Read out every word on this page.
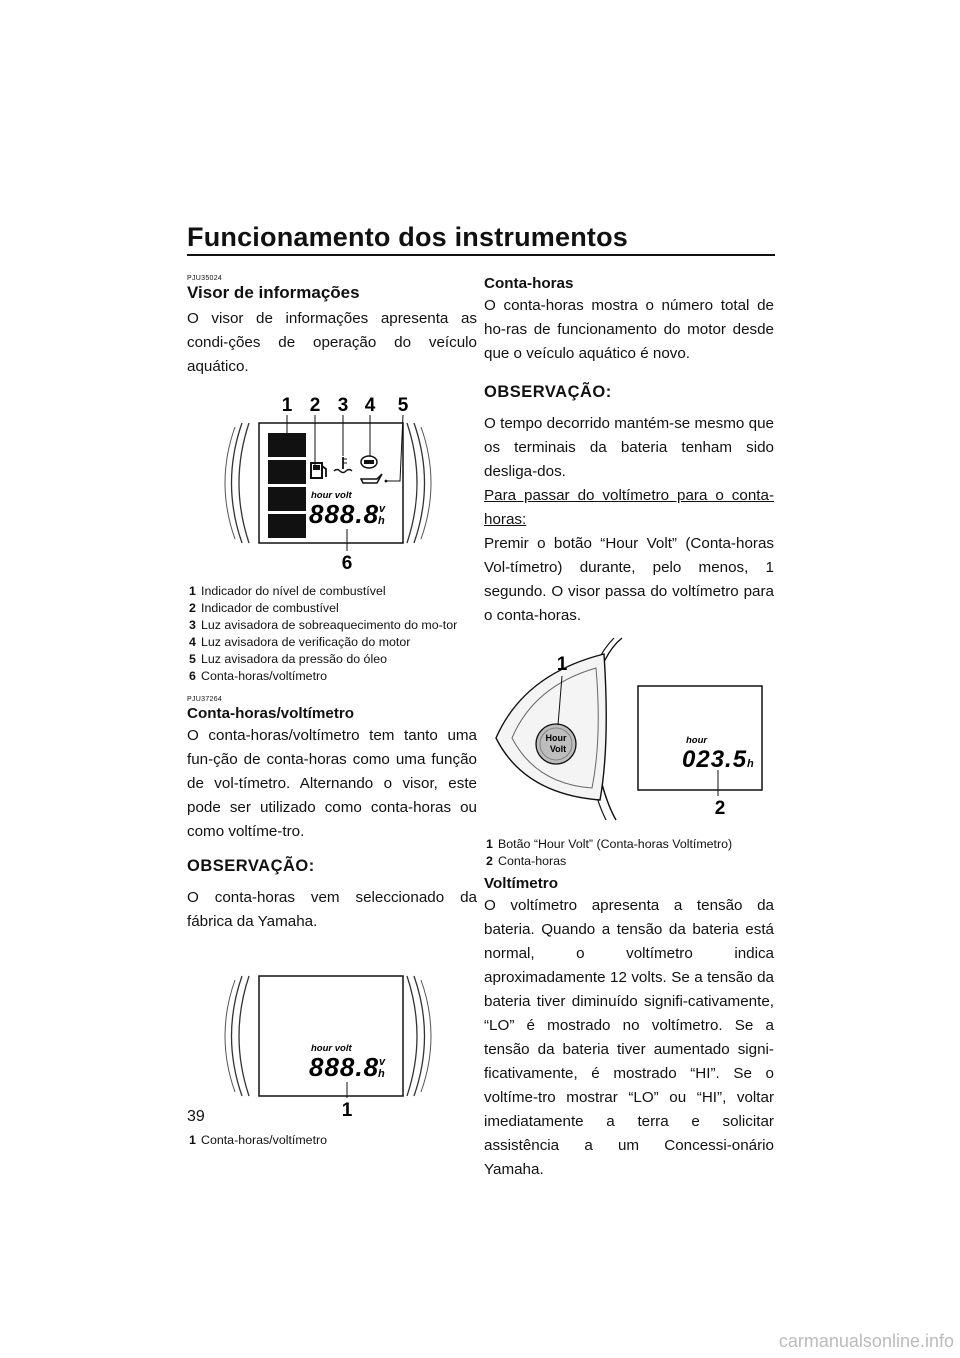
Funcionamento dos instrumentos
PJU35024
Visor de informações

O visor de informações apresenta as condi-ções de operação do veículo aquático.

1 2 3 4 5
6
hour volt
888.8 v
h
1 Indicador do nível de combustível
2 Indicador de combustível
3 Luz avisadora de sobreaquecimento do mo-tor
4 Luz avisadora de verificação do motor
5 Luz avisadora da pressão do óleo
6 Conta-horas/voltímetro
PJU37264
Conta-horas/voltímetro

O conta-horas/voltímetro tem tanto uma fun-ção de conta-horas como uma função de vol-tímetro. Alternando o visor, este pode ser utilizado como conta-horas ou como voltíme-tro.

OBSERVAÇÃO:

O conta-horas vem seleccionado da fábrica da Yamaha.

hour volt
888.8 v
h
1
1 Conta-horas/voltímetro
Conta-horas

O conta-horas mostra o número total de ho-ras de funcionamento do motor desde que o veículo aquático é novo.

OBSERVAÇÃO:

O tempo decorrido mantém-se mesmo que os terminais da bateria tenham sido desliga-dos.

Para passar do voltímetro para o conta-horas:

Premir o botão “Hour Volt” (Conta-horas Vol-tímetro) durante, pelo menos, 1 segundo. O visor passa do voltímetro para o conta-horas.

Hour
Volt
1
hour
023.5 h
2
1 Botão “Hour Volt” (Conta-horas Voltímetro)
2 Conta-horas
Voltímetro

O voltímetro apresenta a tensão da bateria. Quando a tensão da bateria está normal, o voltímetro indica aproximadamente 12 volts. Se a tensão da bateria tiver diminuído signifi-cativamente, “LO” é mostrado no voltímetro. Se a tensão da bateria tiver aumentado signi-ficativamente, é mostrado “HI”. Se o voltíme-tro mostrar “LO” ou “HI”, voltar imediatamente a terra e solicitar assistência a um Concessi-onário Yamaha.

39
carmanualsonline.info
